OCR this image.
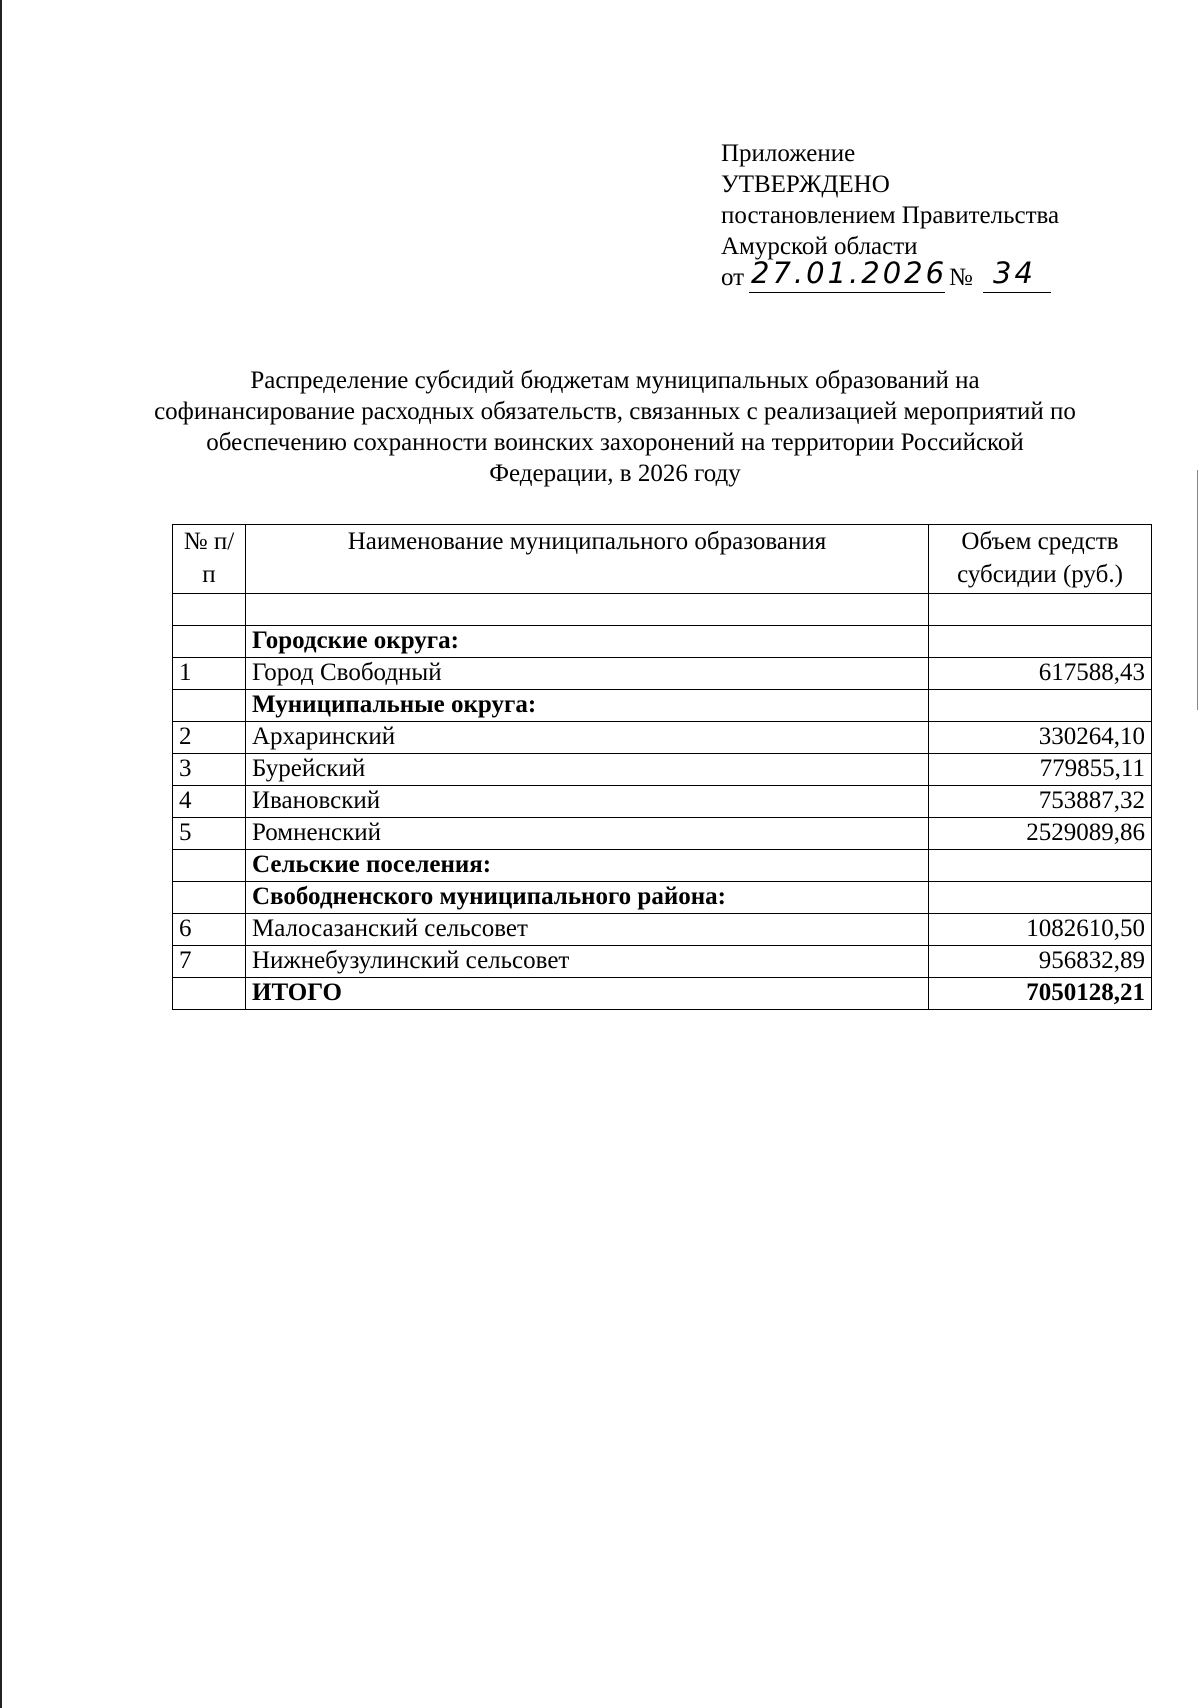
Приложение
УТВЕРЖДЕНО
постановлением Правительства
Амурской области
от 27.01.2026 № 34
Распределение субсидий бюджетам муниципальных образований на софинансирование расходных обязательств, связанных с реализацией мероприятий по обеспечению сохранности воинских захоронений на территории Российской Федерации, в 2026 году
№ п/п	Наименование муниципального образования	Объем средств субсидии (руб.)

	Городские округа:	
1	Город Свободный	617588,43
	Муниципальные округа:	
2	Архаринский	330264,10
3	Бурейский	779855,11
4	Ивановский	753887,32
5	Ромненский	2529089,86
	Сельские поселения:	
	Свободненского муниципального района:	
6	Малосазанский сельсовет	1082610,50
7	Нижнебузулинский сельсовет	956832,89
	ИТОГО	7050128,21
